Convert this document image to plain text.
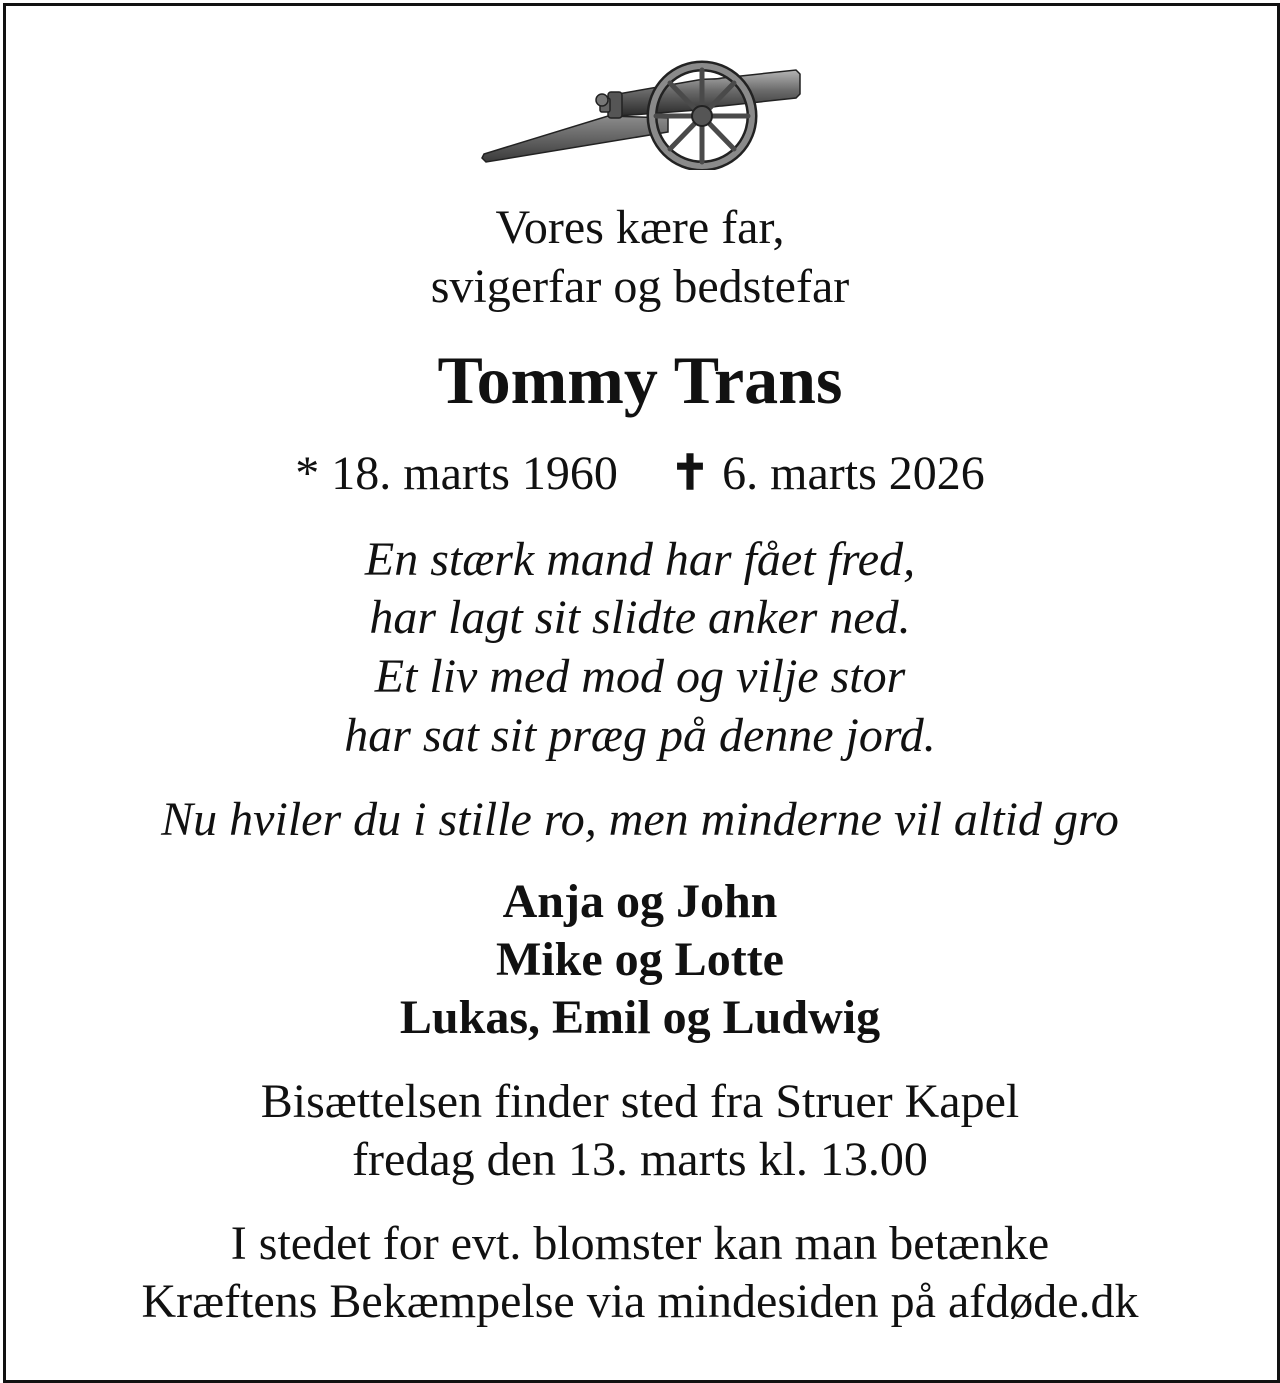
Vores kære far,
svigerfar og bedstefar
Tommy Trans
* 18. marts 1960 ✝ 6. marts 2026
En stærk mand har fået fred,
har lagt sit slidte anker ned.
Et liv med mod og vilje stor
har sat sit præg på denne jord.
Nu hviler du i stille ro, men minderne vil altid gro
Anja og John
Mike og Lotte
Lukas, Emil og Ludwig
Bisættelsen finder sted fra Struer Kapel
fredag den 13. marts kl. 13.00
I stedet for evt. blomster kan man betænke
Kræftens Bekæmpelse via mindesiden på afdøde.dk
